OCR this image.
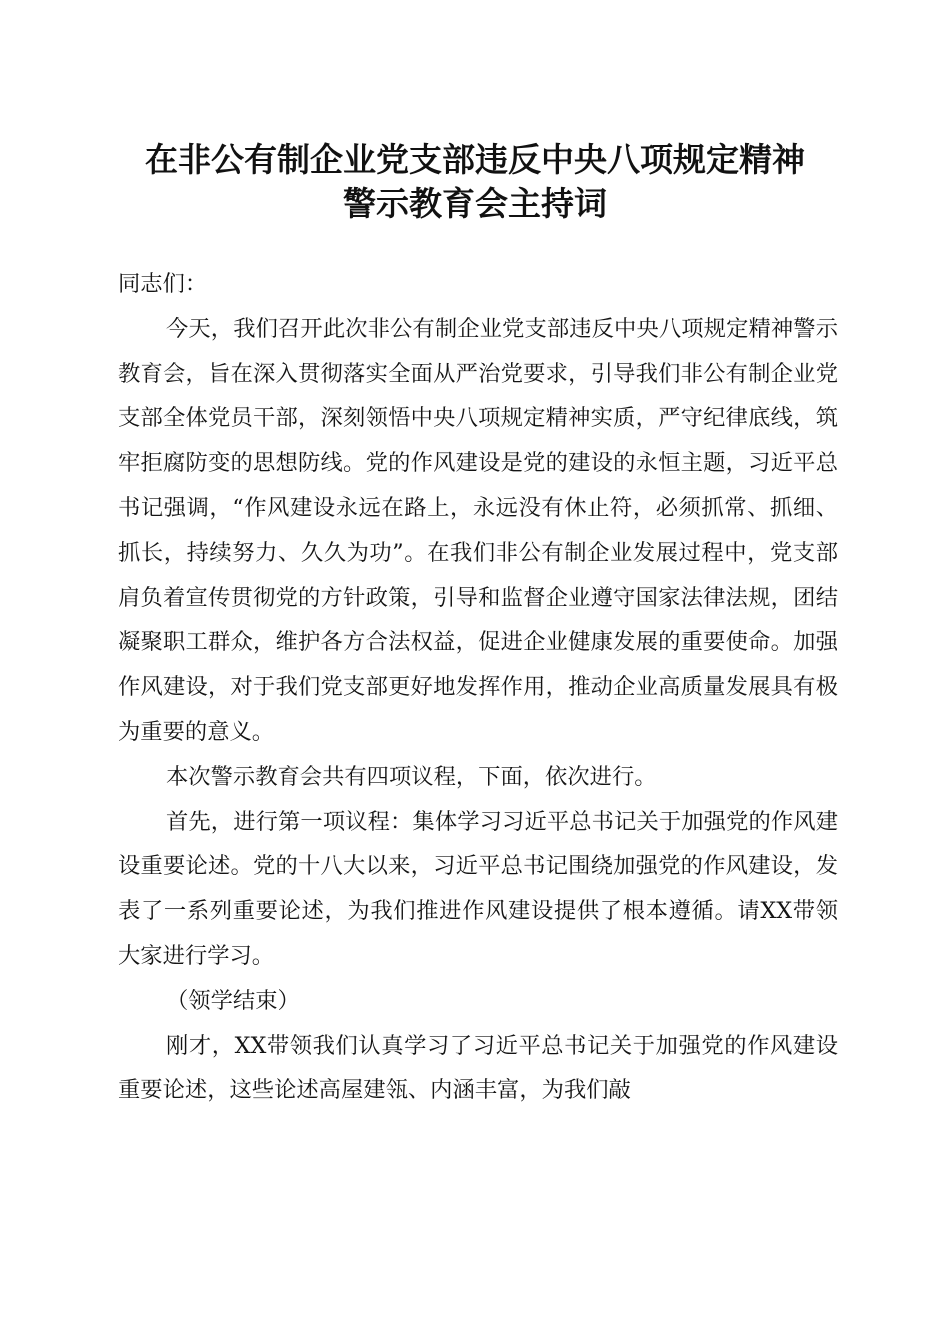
在非公有制企业党支部违反中央八项规定精神
警示教育会主持词

同志们：

今天，我们召开此次非公有制企业党支部违反中央八项规定精神警示教育会，旨在深入贯彻落实全面从严治党要求，引导我们非公有制企业党支部全体党员干部，深刻领悟中央八项规定精神实质，严守纪律底线，筑牢拒腐防变的思想防线。党的作风建设是党的建设的永恒主题，习近平总书记强调，“作风建设永远在路上，永远没有休止符，必须抓常、抓细、抓长，持续努力、久久为功”。在我们非公有制企业发展过程中，党支部肩负着宣传贯彻党的方针政策，引导和监督企业遵守国家法律法规，团结凝聚职工群众，维护各方合法权益，促进企业健康发展的重要使命。加强作风建设，对于我们党支部更好地发挥作用，推动企业高质量发展具有极为重要的意义。

本次警示教育会共有四项议程，下面，依次进行。

首先，进行第一项议程：集体学习习近平总书记关于加强党的作风建设重要论述。党的十八大以来，习近平总书记围绕加强党的作风建设，发表了一系列重要论述，为我们推进作风建设提供了根本遵循。请XX带领大家进行学习。

（领学结束）

刚才，XX带领我们认真学习了习近平总书记关于加强党的作风建设重要论述，这些论述高屋建瓴、内涵丰富，为我们敲
